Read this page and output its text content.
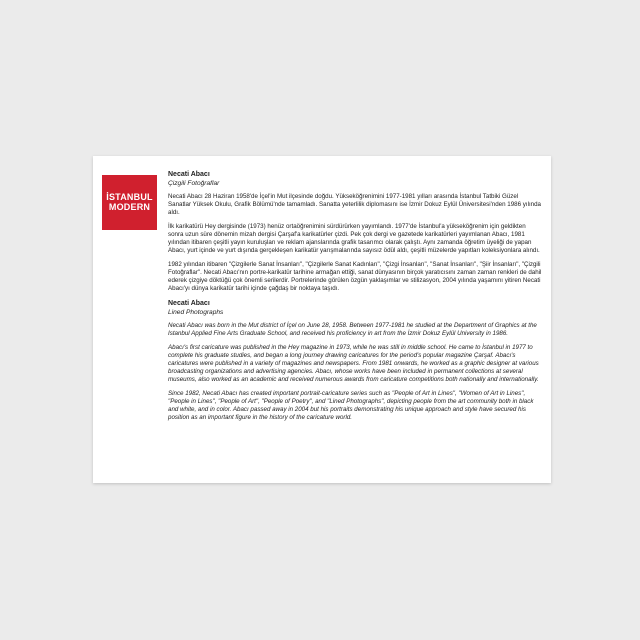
İSTANBUL
MODERN

Necati Abacı

Çizgili Fotoğraflar

Necati Abacı 28 Haziran 1958'de İçel'in Mut ilçesinde doğdu. Yükseköğrenimini 1977-1981 yılları arasında İstanbul Tatbiki Güzel Sanatlar Yüksek Okulu, Grafik Bölümü'nde tamamladı. Sanatta yeterlilik diplomasını ise İzmir Dokuz Eylül Üniversitesi'nden 1986 yılında aldı.

İlk karikatürü Hey dergisinde (1973) henüz ortaöğrenimini sürdürürken yayımlandı. 1977'de İstanbul'a yükseköğrenim için geldikten sonra uzun süre dönemin mizah dergisi Çarşaf'a karikatürler çizdi. Pek çok dergi ve gazetede karikatürleri yayımlanan Abacı, 1981 yılından itibaren çeşitli yayın kuruluşları ve reklam ajanslarında grafik tasarımcı olarak çalıştı. Aynı zamanda öğretim üyeliği de yapan Abacı, yurt içinde ve yurt dışında gerçekleşen karikatür yarışmalarında sayısız ödül aldı, çeşitli müzelerde yapıtları koleksiyonlara alındı.

1982 yılından itibaren "Çizgilerle Sanat İnsanları", "Çizgilerle Sanat Kadınları", "Çizgi İnsanları", "Sanat İnsanları", "Şiir İnsanları", "Çizgili Fotoğraflar". Necati Abacı'nın portre-karikatür tarihine armağan ettiği, sanat dünyasının birçok yaratıcısını zaman zaman renkleri de dahil ederek çizgiye döktüğü çok önemli serilerdir. Portrelerinde görülen özgün yaklaşımlar ve stilizasyon, 2004 yılında yaşamını yitiren Necati Abacı'yı dünya karikatür tarihi içinde çağdaş bir noktaya taşıdı.

Necati Abacı

Lined Photographs

Necati Abacı was born in the Mut district of İçel on June 28, 1958. Between 1977-1981 he studied at the Department of Graphics at the Istanbul Applied Fine Arts Graduate School, and received his proficiency in art from the İzmir Dokuz Eylül University in 1986.

Abacı's first caricature was published in the Hey magazine in 1973, while he was still in middle school. He came to İstanbul in 1977 to complete his graduate studies, and began a long journey drawing caricatures for the period's popular magazine Çarşaf. Abacı's caricatures were published in a variety of magazines and newspapers. From 1981 onwards, he worked as a graphic designer at various broadcasting organizations and advertising agencies. Abacı, whose works have been included in permanent collections at several museums, also worked as an academic and received numerous awards from caricature competitions both nationally and internationally.

Since 1982, Necati Abacı has created important portrait-caricature series such as "People of Art in Lines", "Women of Art in Lines", "People in Lines", "People of Art", "People of Poetry", and "Lined Photographs", depicting people from the art community both in black and white, and in color. Abacı passed away in 2004 but his portraits demonstrating his unique approach and style have secured his position as an important figure in the history of the caricature world.
